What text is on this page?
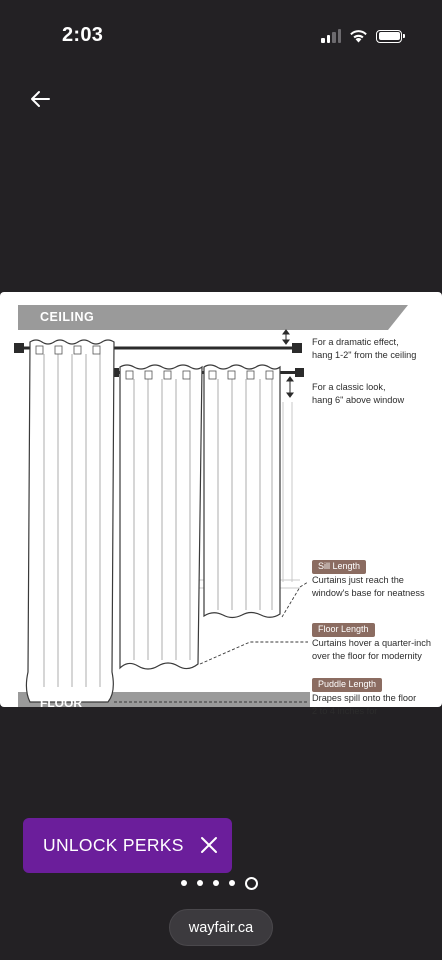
2:03
CEILING
For a dramatic effect,
hang 1-2" from the ceiling
For a classic look,
hang 6" above window
Sill Length
Curtains just reach the
window's base for neatness
Floor Length
Curtains hover a quarter-inch
over the floor for modernity
Puddle Length
Drapes spill onto the floor
2 to 4 inches for
FLOOR
UNLOCK PERKS
wayfair.ca
